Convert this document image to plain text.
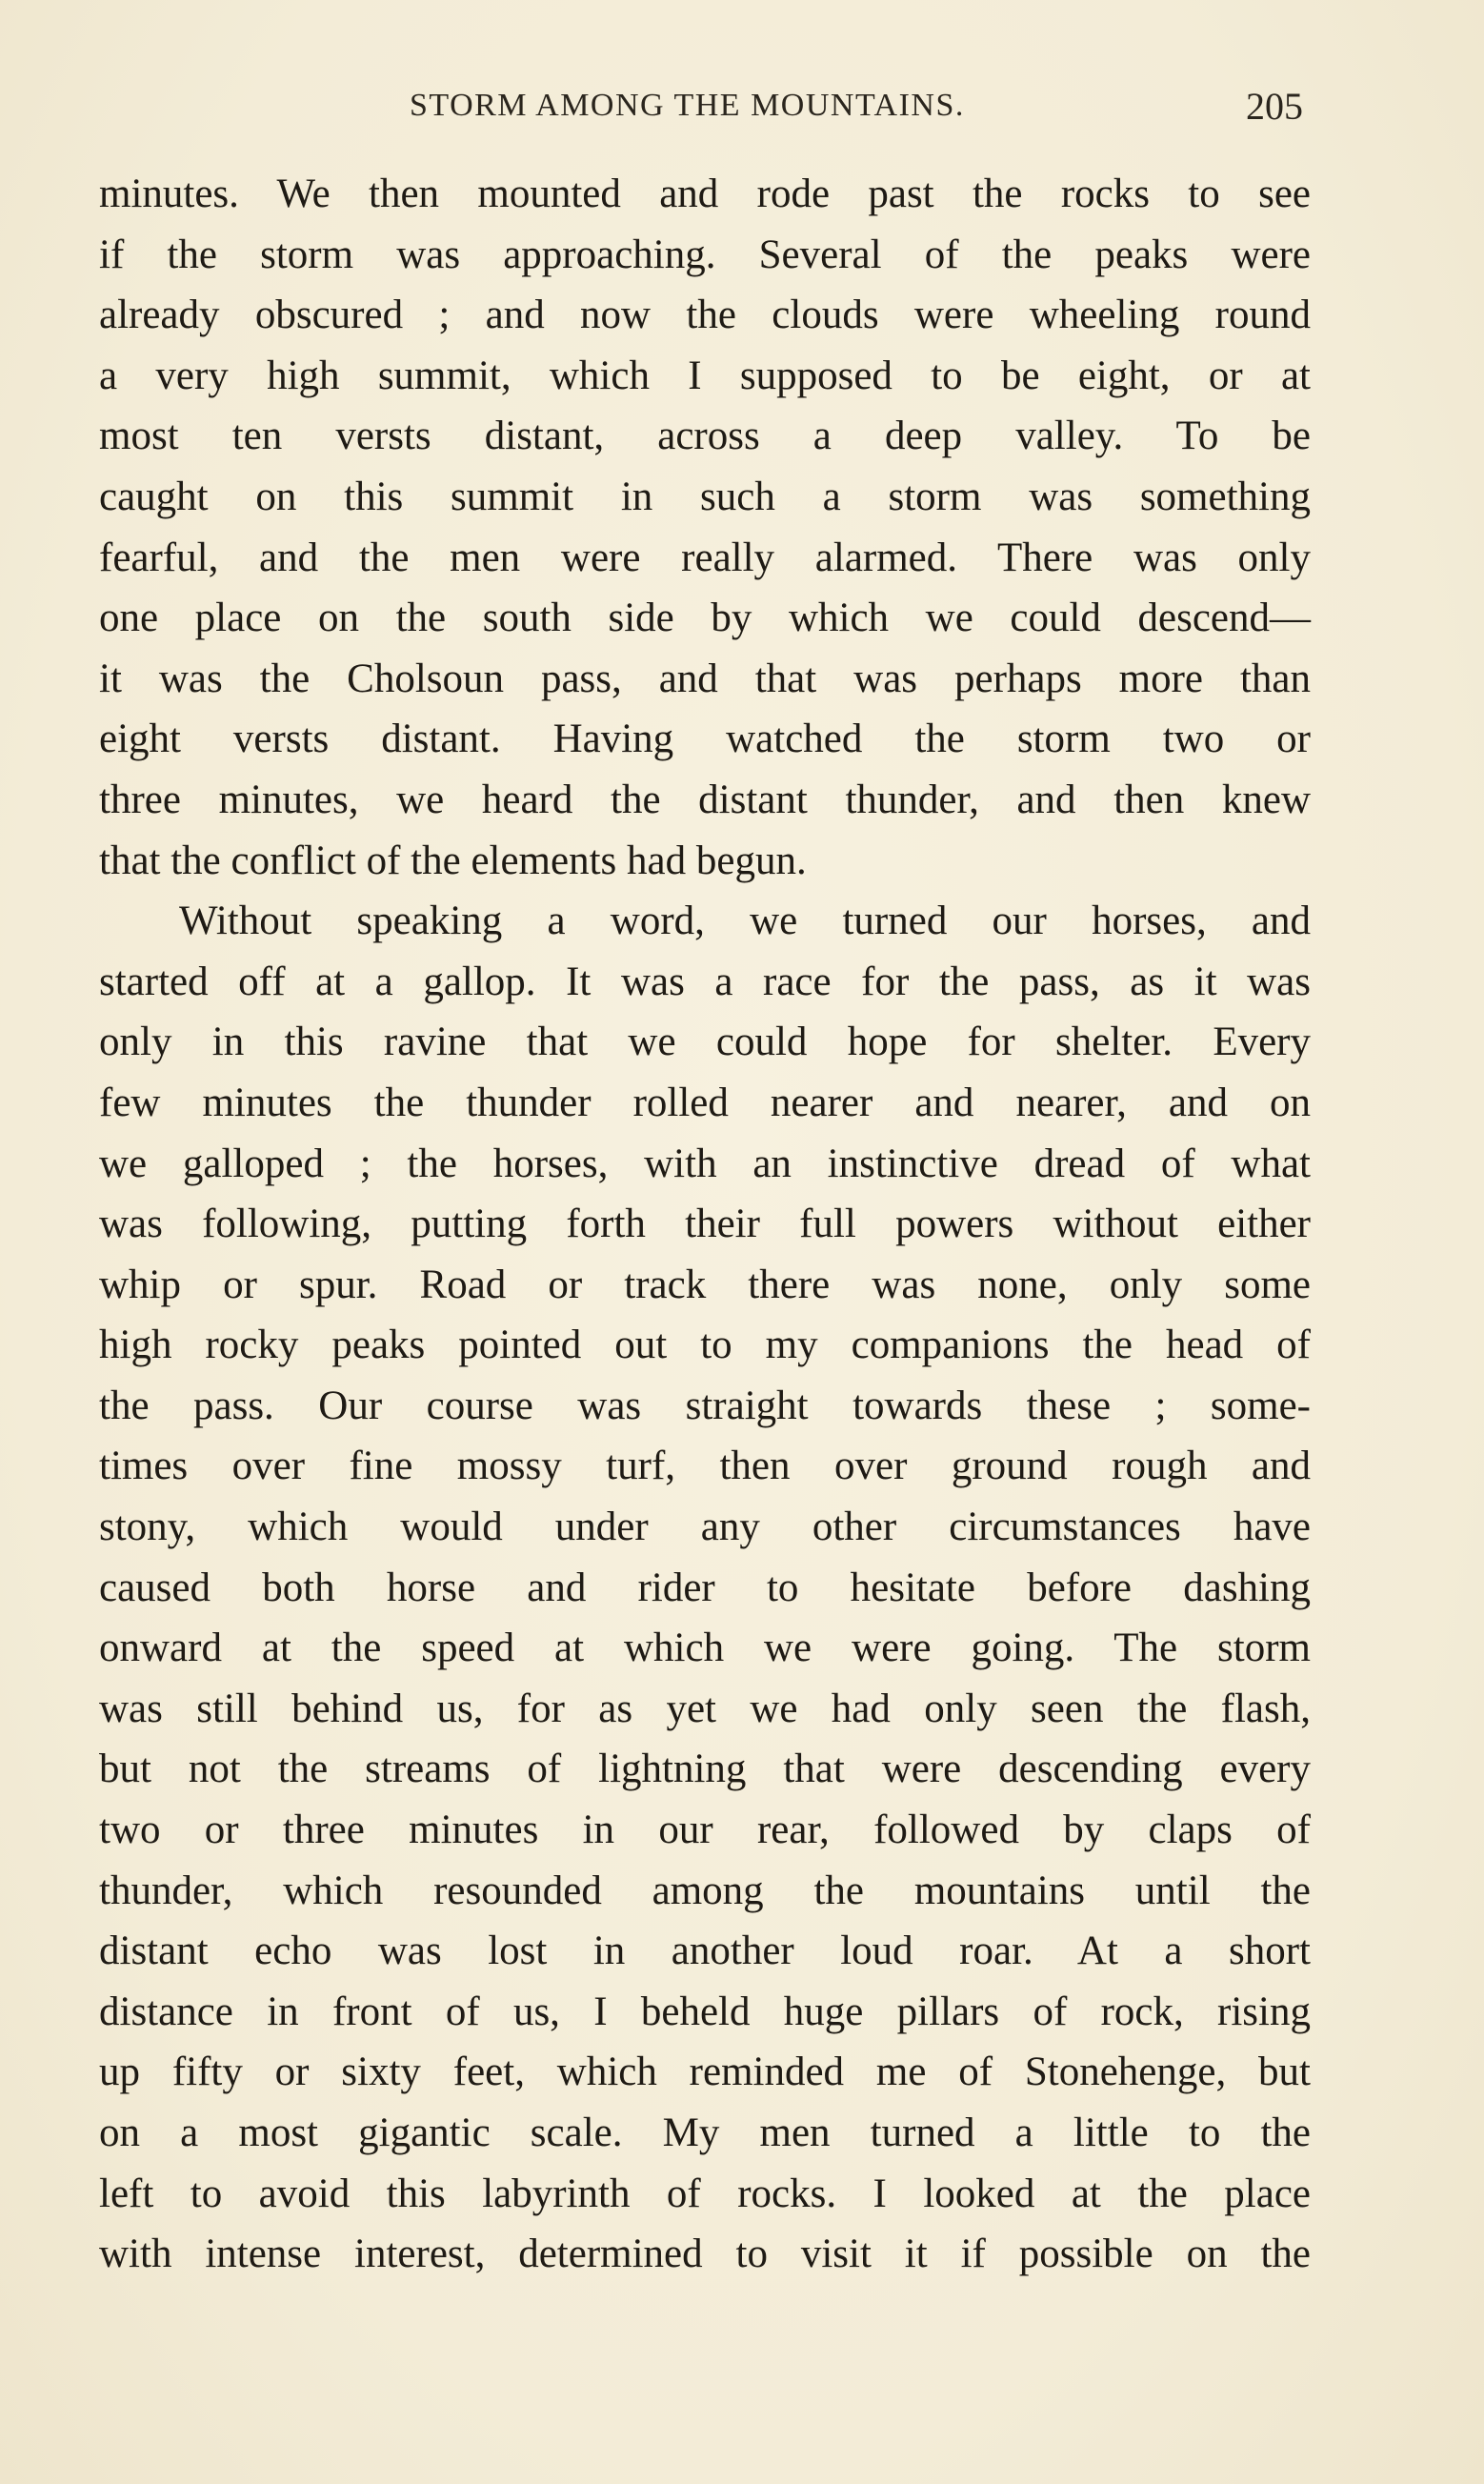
STORM AMONG THE MOUNTAINS.	205
minutes. We then mounted and rode past the rocks to see
if the storm was approaching. Several of the peaks were
already obscured ; and now the clouds were wheeling round
a very high summit, which I supposed to be eight, or at
most ten versts distant, across a deep valley. To be
caught on this summit in such a storm was something
fearful, and the men were really alarmed. There was only
one place on the south side by which we could descend—
it was the Cholsoun pass, and that was perhaps more than
eight versts distant. Having watched the storm two or
three minutes, we heard the distant thunder, and then knew
that the conflict of the elements had begun.
Without speaking a word, we turned our horses, and
started off at a gallop. It was a race for the pass, as it was
only in this ravine that we could hope for shelter. Every
few minutes the thunder rolled nearer and nearer, and on
we galloped ; the horses, with an instinctive dread of what
was following, putting forth their full powers without either
whip or spur. Road or track there was none, only some
high rocky peaks pointed out to my companions the head of
the pass. Our course was straight towards these ; some-
times over fine mossy turf, then over ground rough and
stony, which would under any other circumstances have
caused both horse and rider to hesitate before dashing
onward at the speed at which we were going. The storm
was still behind us, for as yet we had only seen the flash,
but not the streams of lightning that were descending every
two or three minutes in our rear, followed by claps of
thunder, which resounded among the mountains until the
distant echo was lost in another loud roar. At a short
distance in front of us, I beheld huge pillars of rock, rising
up fifty or sixty feet, which reminded me of Stonehenge, but
on a most gigantic scale. My men turned a little to the
left to avoid this labyrinth of rocks. I looked at the place
with intense interest, determined to visit it if possible on the
